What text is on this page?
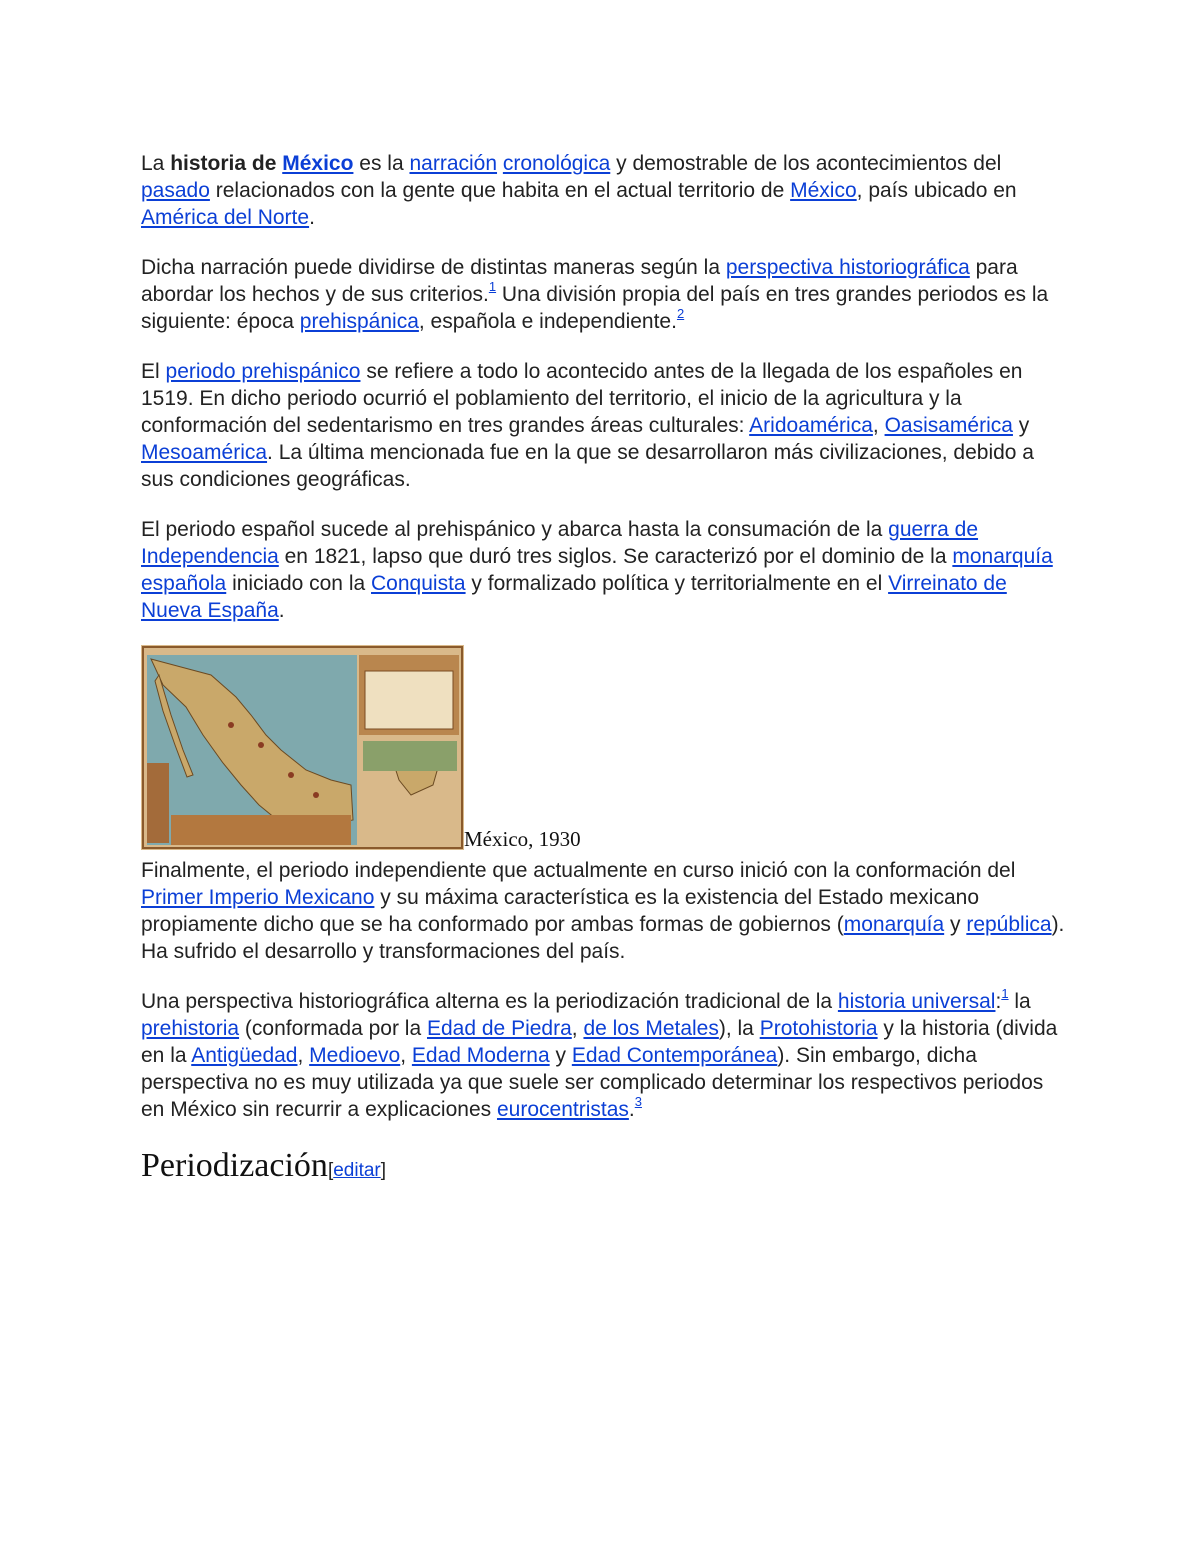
La historia de México es la narración cronológica y demostrable de los acontecimientos del pasado relacionados con la gente que habita en el actual territorio de México, país ubicado en América del Norte.

Dicha narración puede dividirse de distintas maneras según la perspectiva historiográfica para abordar los hechos y de sus criterios.$^1$ Una división propia del país en tres grandes periodos es la siguiente: época prehispánica, española e independiente.$^2$

El periodo prehispánico se refiere a todo lo acontecido antes de la llegada de los españoles en 1519. En dicho periodo ocurrió el poblamiento del territorio, el inicio de la agricultura y la conformación del sedentarismo en tres grandes áreas culturales: Aridoamérica, Oasisamérica y Mesoamérica. La última mencionada fue en la que se desarrollaron más civilizaciones, debido a sus condiciones geográficas.

El periodo español sucede al prehispánico y abarca hasta la consumación de la guerra de Independencia en 1821, lapso que duró tres siglos. Se caracterizó por el dominio de la monarquía española iniciado con la Conquista y formalizado política y territorialmente en el Virreinato de Nueva España.

México, 1930

Finalmente, el periodo independiente que actualmente en curso inició con la conformación del Primer Imperio Mexicano y su máxima característica es la existencia del Estado mexicano propiamente dicho que se ha conformado por ambas formas de gobiernos (monarquía y república). Ha sufrido el desarrollo y transformaciones del país.

Una perspectiva historiográfica alterna es la periodización tradicional de la historia universal:$^1$ la prehistoria (conformada por la Edad de Piedra, de los Metales), la Protohistoria y la historia (divida en la Antigüedad, Medioevo, Edad Moderna y Edad Contemporánea). Sin embargo, dicha perspectiva no es muy utilizada ya que suele ser complicado determinar los respectivos periodos en México sin recurrir a explicaciones eurocentristas.$^3$

Periodización[editar]
